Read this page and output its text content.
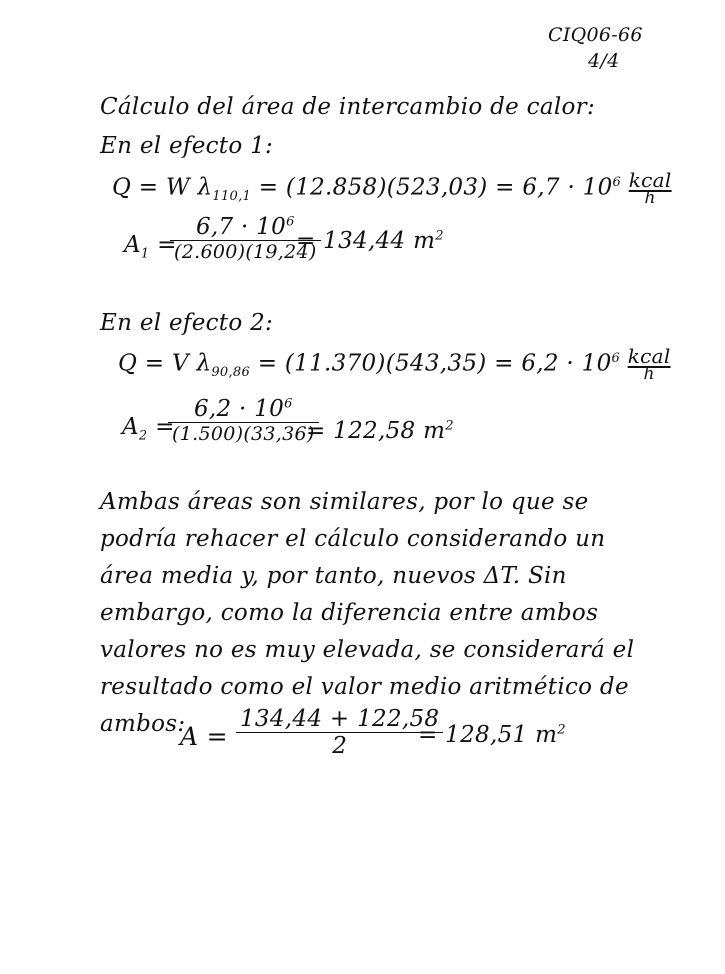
CIQ06-66
4/4
Cálculo del área de intercambio de calor:
En el efecto 1:
Q = W $\lambda_{110,1} = (12.858)(523,03) = 6,7 \cdot 10^6$ kcal
h
$A_1$ =
$6,7 \cdot 10^6$
(2.600)(19,24)
= 134,44 $m^2$
En el efecto 2:
Q = V $\lambda_{90,86} = (11.370)(543,35) = 6,2 \cdot 10^6$ kcal
h
$A_2$ =
$6,2 \cdot 10^6$
(1.500)(33,36)
= 122,58 $m^2$
Ambas áreas son similares, por lo que se podría rehacer el cálculo considerando un área media y, por tanto, nuevos ΔT. Sin embargo, como la diferencia entre ambos valores no es muy elevada, se considerará el resultado como el valor medio aritmético de ambos:
A =
134,44 + 122,58
2	= 128,51 $m^2$
